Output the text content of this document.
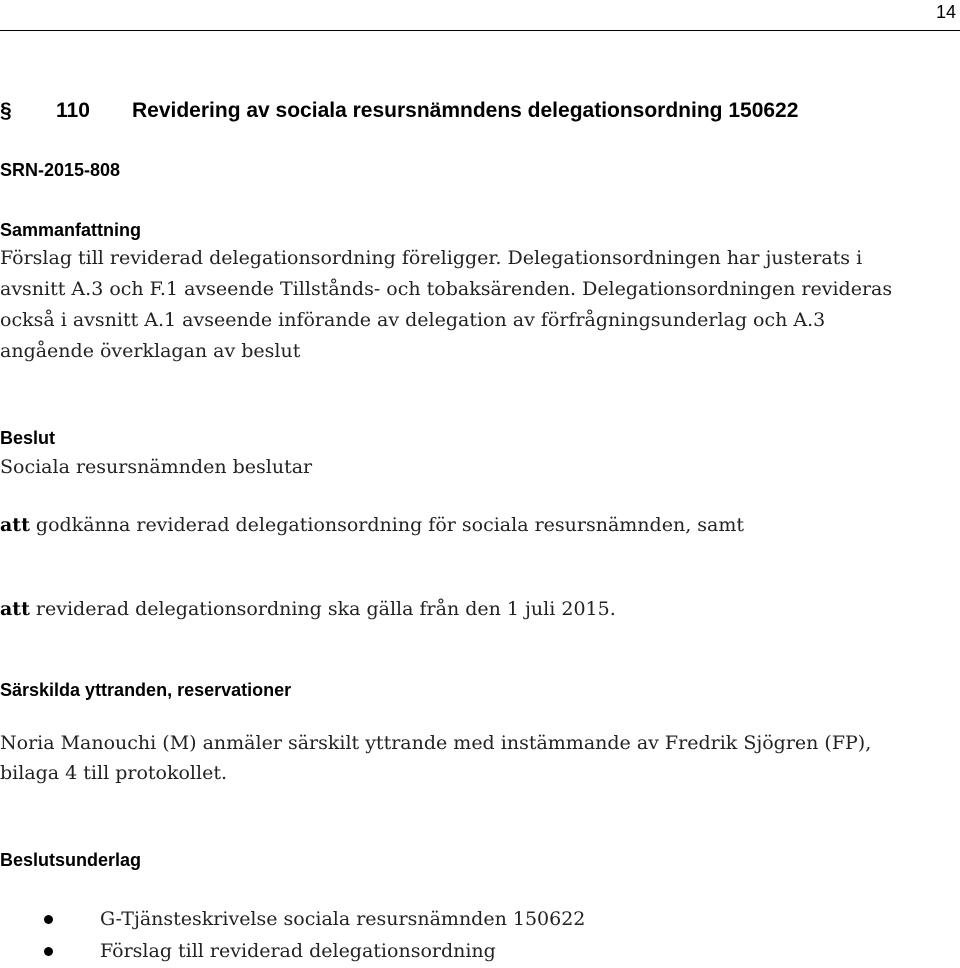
14
§ 110 Revidering av sociala resursnämndens delegationsordning 150622
SRN-2015-808
Sammanfattning
Förslag till reviderad delegationsordning föreligger. Delegationsordningen har justerats i
avsnitt A.3 och F.1 avseende Tillstånds- och tobaksärenden. Delegationsordningen revideras
också i avsnitt A.1 avseende införande av delegation av förfrågningsunderlag och A.3
angående överklagan av beslut
Beslut
Sociala resursnämnden beslutar
att godkänna reviderad delegationsordning för sociala resursnämnden, samt
att reviderad delegationsordning ska gälla från den 1 juli 2015.
Särskilda yttranden, reservationer
Noria Manouchi (M) anmäler särskilt yttrande med instämmande av Fredrik Sjögren (FP),
bilaga 4 till protokollet.
Beslutsunderlag
G-Tjänsteskrivelse sociala resursnämnden 150622
Förslag till reviderad delegationsordning
